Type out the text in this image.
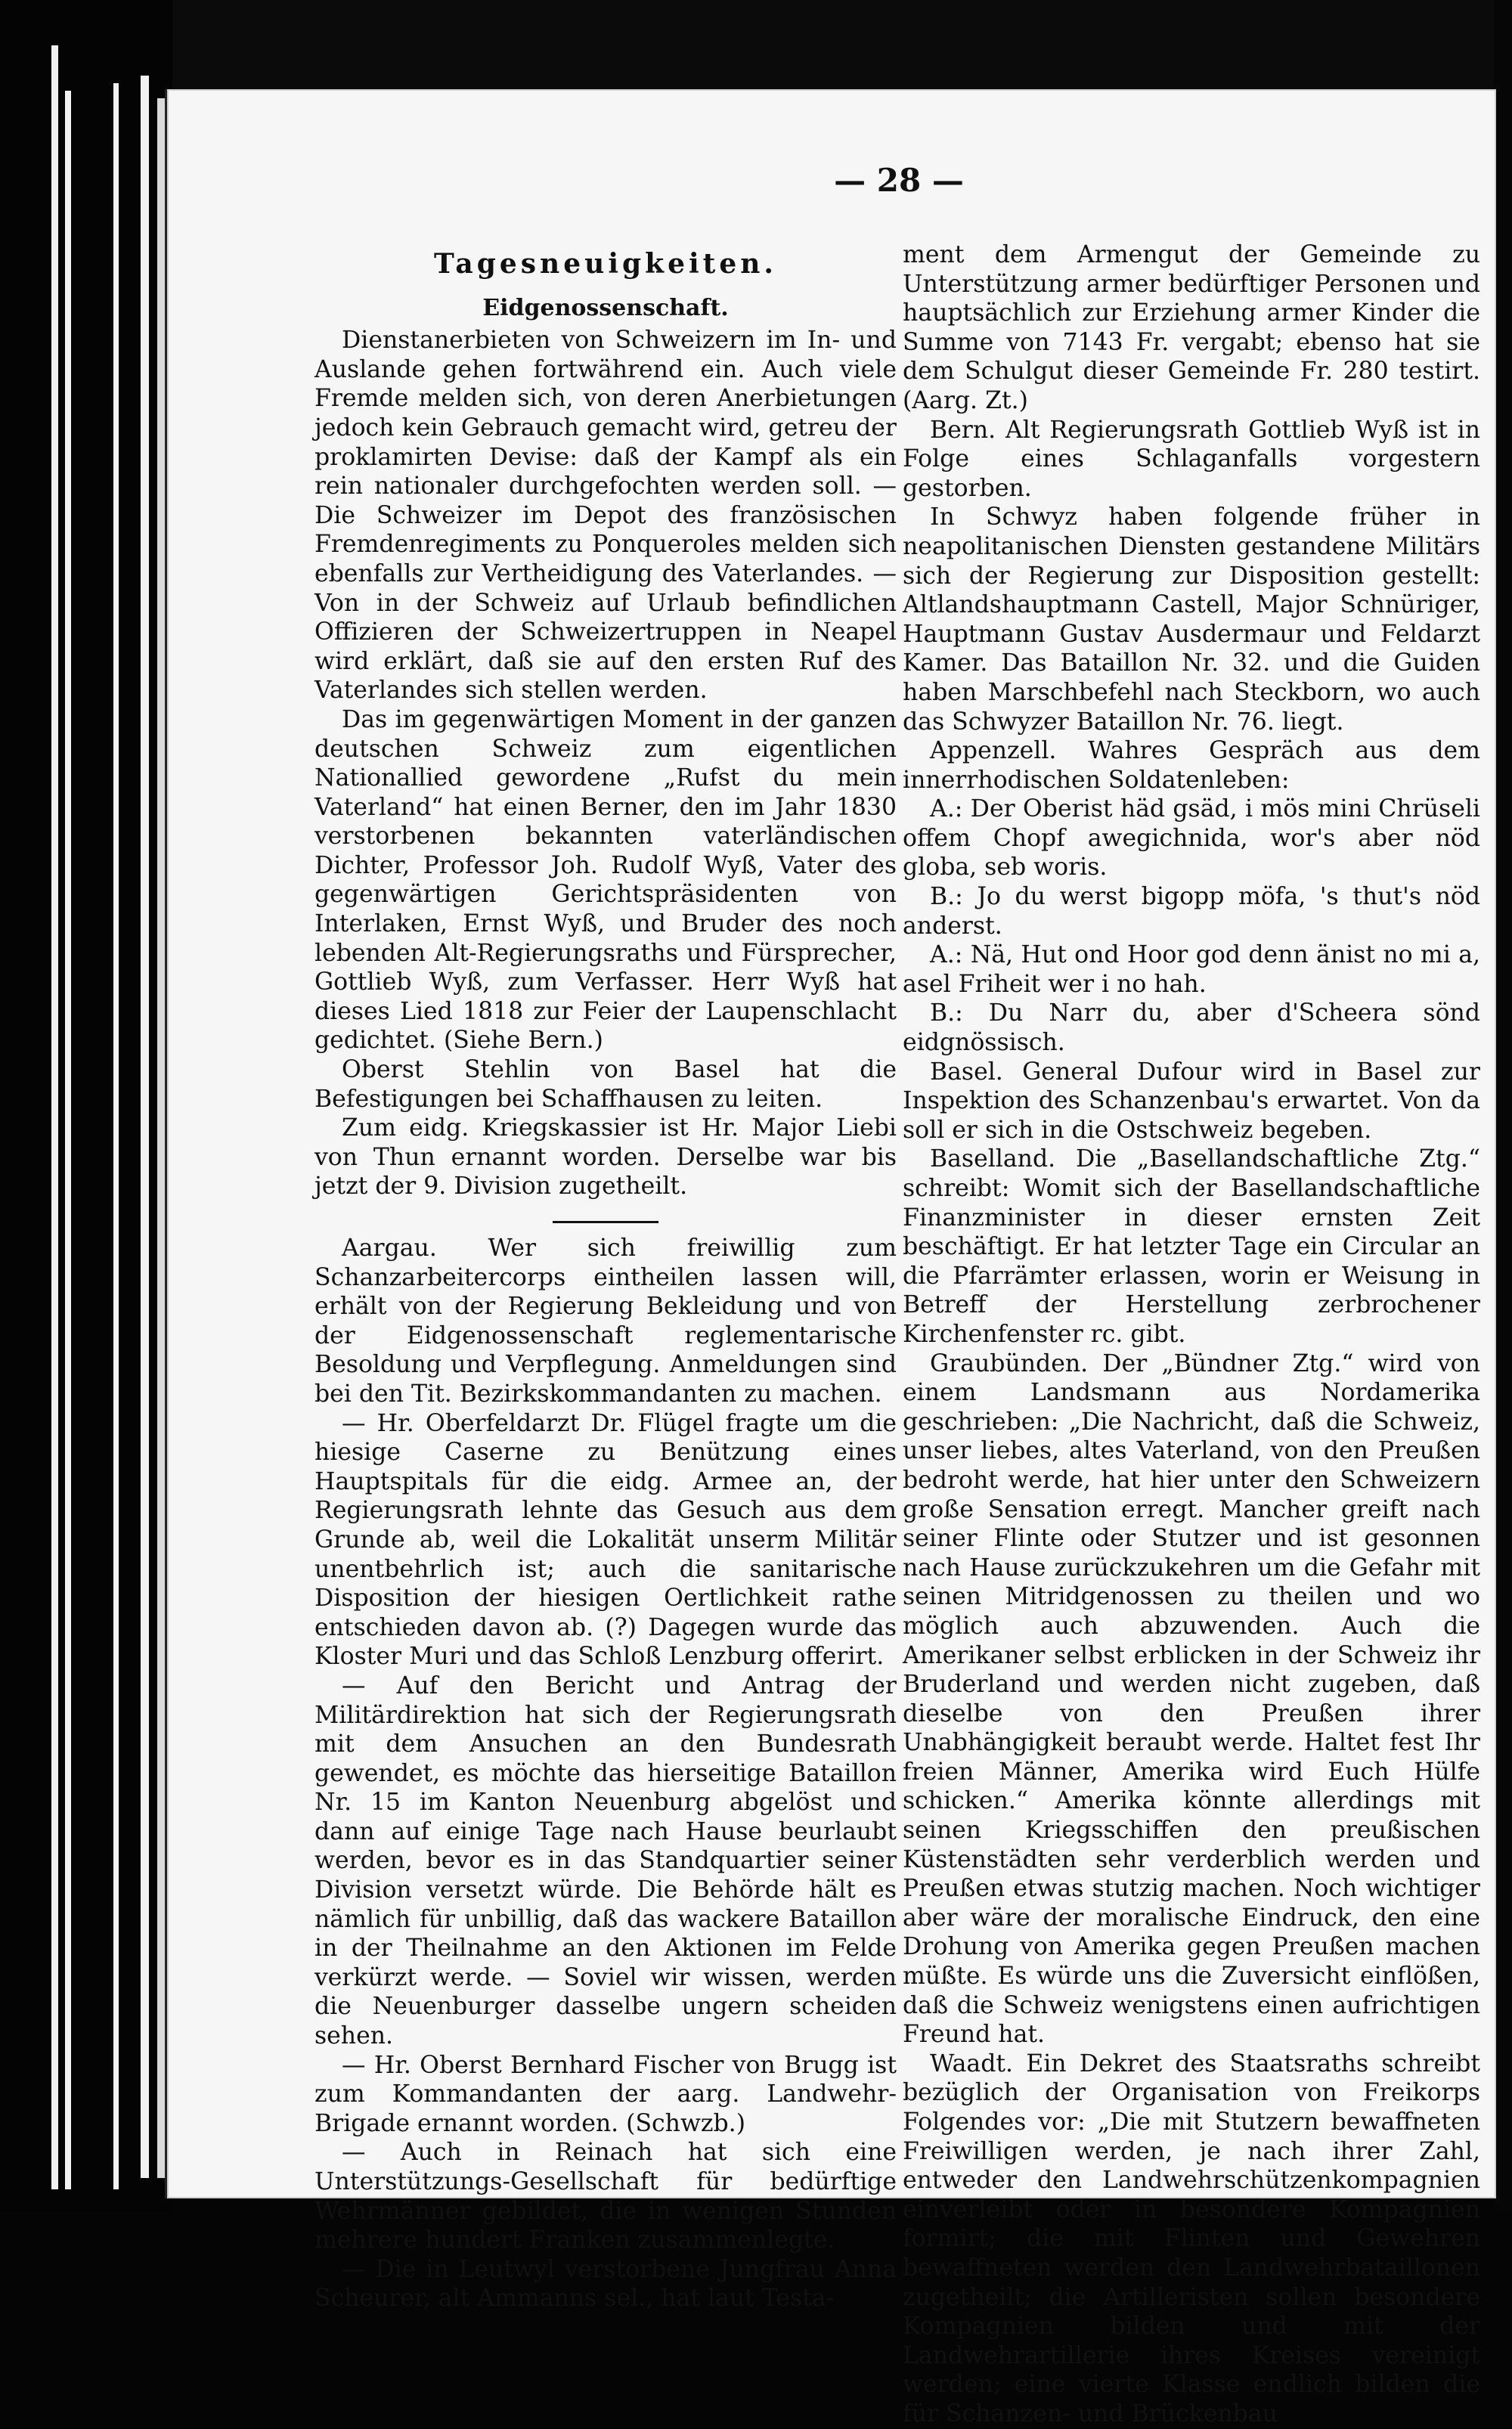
— 28 —
Tagesneuigkeiten.
Eidgenossenschaft.

Dienstanerbieten von Schweizern im In- und Auslande gehen fortwährend ein. Auch viele Fremde melden sich, von deren Anerbietungen jedoch kein Gebrauch gemacht wird, getreu der proklamirten Devise: daß der Kampf als ein rein nationaler durchgefochten werden soll. — Die Schweizer im Depot des französischen Fremdenregiments zu Ponqueroles melden sich ebenfalls zur Vertheidigung des Vaterlandes. — Von in der Schweiz auf Urlaub befindlichen Offizieren der Schweizertruppen in Neapel wird erklärt, daß sie auf den ersten Ruf des Vaterlandes sich stellen werden.

Das im gegenwärtigen Moment in der ganzen deutschen Schweiz zum eigentlichen Nationallied gewordene „Rufst du mein Vaterland“ hat einen Berner, den im Jahr 1830 verstorbenen bekannten vaterländischen Dichter, Professor Joh. Rudolf Wyß, Vater des gegenwärtigen Gerichtspräsidenten von Interlaken, Ernst Wyß, und Bruder des noch lebenden Alt-Regierungsraths und Fürsprecher, Gottlieb Wyß, zum Verfasser. Herr Wyß hat dieses Lied 1818 zur Feier der Laupenschlacht gedichtet. (Siehe Bern.)

Oberst Stehlin von Basel hat die Befestigungen bei Schaffhausen zu leiten.

Zum eidg. Kriegskassier ist Hr. Major Liebi von Thun ernannt worden. Derselbe war bis jetzt der 9. Division zugetheilt.

Aargau. Wer sich freiwillig zum Schanzarbeitercorps eintheilen lassen will, erhält von der Regierung Bekleidung und von der Eidgenossenschaft reglementarische Besoldung und Verpflegung. Anmeldungen sind bei den Tit. Bezirkskommandanten zu machen.

— Hr. Oberfeldarzt Dr. Flügel fragte um die hiesige Caserne zu Benützung eines Hauptspitals für die eidg. Armee an, der Regierungsrath lehnte das Gesuch aus dem Grunde ab, weil die Lokalität unserm Militär unentbehrlich ist; auch die sanitarische Disposition der hiesigen Oertlichkeit rathe entschieden davon ab. (?) Dagegen wurde das Kloster Muri und das Schloß Lenzburg offerirt.

— Auf den Bericht und Antrag der Militärdirektion hat sich der Regierungsrath mit dem Ansuchen an den Bundesrath gewendet, es möchte das hierseitige Bataillon Nr. 15 im Kanton Neuenburg abgelöst und dann auf einige Tage nach Hause beurlaubt werden, bevor es in das Standquartier seiner Division versetzt würde. Die Behörde hält es nämlich für unbillig, daß das wackere Bataillon in der Theilnahme an den Aktionen im Felde verkürzt werde. — Soviel wir wissen, werden die Neuenburger dasselbe ungern scheiden sehen.

— Hr. Oberst Bernhard Fischer von Brugg ist zum Kommandanten der aarg. Landwehr-Brigade ernannt worden. (Schwzb.)

— Auch in Reinach hat sich eine Unterstützungs-Gesellschaft für bedürftige Wehrmänner gebildet, die in wenigen Stunden mehrere hundert Franken zusammenlegte.

— Die in Leutwyl verstorbene Jungfrau Anna Scheurer, alt Ammanns sel., hat laut Testa-

ment dem Armengut der Gemeinde zu Unterstützung armer bedürftiger Personen und hauptsächlich zur Erziehung armer Kinder die Summe von 7143 Fr. vergabt; ebenso hat sie dem Schulgut dieser Gemeinde Fr. 280 testirt. (Aarg. Zt.)

Bern. Alt Regierungsrath Gottlieb Wyß ist in Folge eines Schlaganfalls vorgestern gestorben.

In Schwyz haben folgende früher in neapolitanischen Diensten gestandene Militärs sich der Regierung zur Disposition gestellt: Altlandshauptmann Castell, Major Schnüriger, Hauptmann Gustav Ausdermaur und Feldarzt Kamer. Das Bataillon Nr. 32. und die Guiden haben Marschbefehl nach Steckborn, wo auch das Schwyzer Bataillon Nr. 76. liegt.

Appenzell. Wahres Gespräch aus dem innerrhodischen Soldatenleben:

A.: Der Oberist häd gsäd, i mös mini Chrüseli offem Chopf awegichnida, wor's aber nöd globa, seb woris.

B.: Jo du werst bigopp möfa, 's thut's nöd anderst.

A.: Nä, Hut ond Hoor god denn änist no mi a, asel Friheit wer i no hah.

B.: Du Narr du, aber d'Scheera sönd eidgnössisch.

Basel. General Dufour wird in Basel zur Inspektion des Schanzenbau's erwartet. Von da soll er sich in die Ostschweiz begeben.

Baselland. Die „Basellandschaftliche Ztg.“ schreibt: Womit sich der Basellandschaftliche Finanzminister in dieser ernsten Zeit beschäftigt. Er hat letzter Tage ein Circular an die Pfarrämter erlassen, worin er Weisung in Betreff der Herstellung zerbrochener Kirchenfenster rc. gibt.

Graubünden. Der „Bündner Ztg.“ wird von einem Landsmann aus Nordamerika geschrieben: „Die Nachricht, daß die Schweiz, unser liebes, altes Vaterland, von den Preußen bedroht werde, hat hier unter den Schweizern große Sensation erregt. Mancher greift nach seiner Flinte oder Stutzer und ist gesonnen nach Hause zurückzukehren um die Gefahr mit seinen Mitridgenossen zu theilen und wo möglich auch abzuwenden. Auch die Amerikaner selbst erblicken in der Schweiz ihr Bruderland und werden nicht zugeben, daß dieselbe von den Preußen ihrer Unabhängigkeit beraubt werde. Haltet fest Ihr freien Männer, Amerika wird Euch Hülfe schicken.“ Amerika könnte allerdings mit seinen Kriegsschiffen den preußischen Küstenstädten sehr verderblich werden und Preußen etwas stutzig machen. Noch wichtiger aber wäre der moralische Eindruck, den eine Drohung von Amerika gegen Preußen machen müßte. Es würde uns die Zuversicht einflößen, daß die Schweiz wenigstens einen aufrichtigen Freund hat.

Waadt. Ein Dekret des Staatsraths schreibt bezüglich der Organisation von Freikorps Folgendes vor: „Die mit Stutzern bewaffneten Freiwilligen werden, je nach ihrer Zahl, entweder den Landwehrschützenkompagnien einverleibt oder in besondere Kompagnien formirt; die mit Flinten und Gewehren bewaffneten werden den Landwehrbataillonen zugetheilt; die Artilleristen sollen besondere Kompagnien bilden und mit der Landwehrartillerie ihres Kreises vereinigt werden; eine vierte Klasse endlich bilden die für Schanzen- und Brückenbau
